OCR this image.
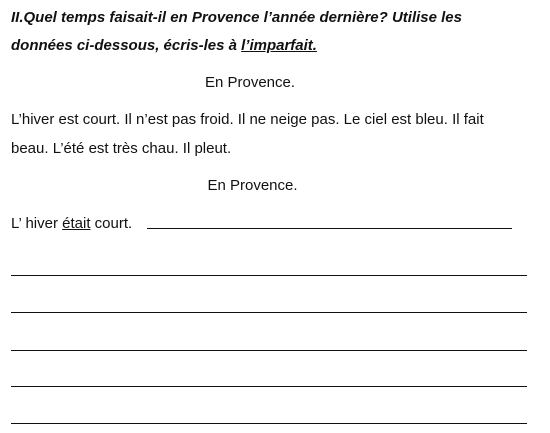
II.Quel temps faisait-il en Provence l’année dernière? Utilise les
données ci-dessous, écris-les à l’imparfait.
En Provence.
L’hiver est court. Il n’est pas froid. Il ne neige pas. Le ciel est bleu. Il fait
beau. L’été est très chau. Il pleut.
En Provence.
L’ hiver était court.
